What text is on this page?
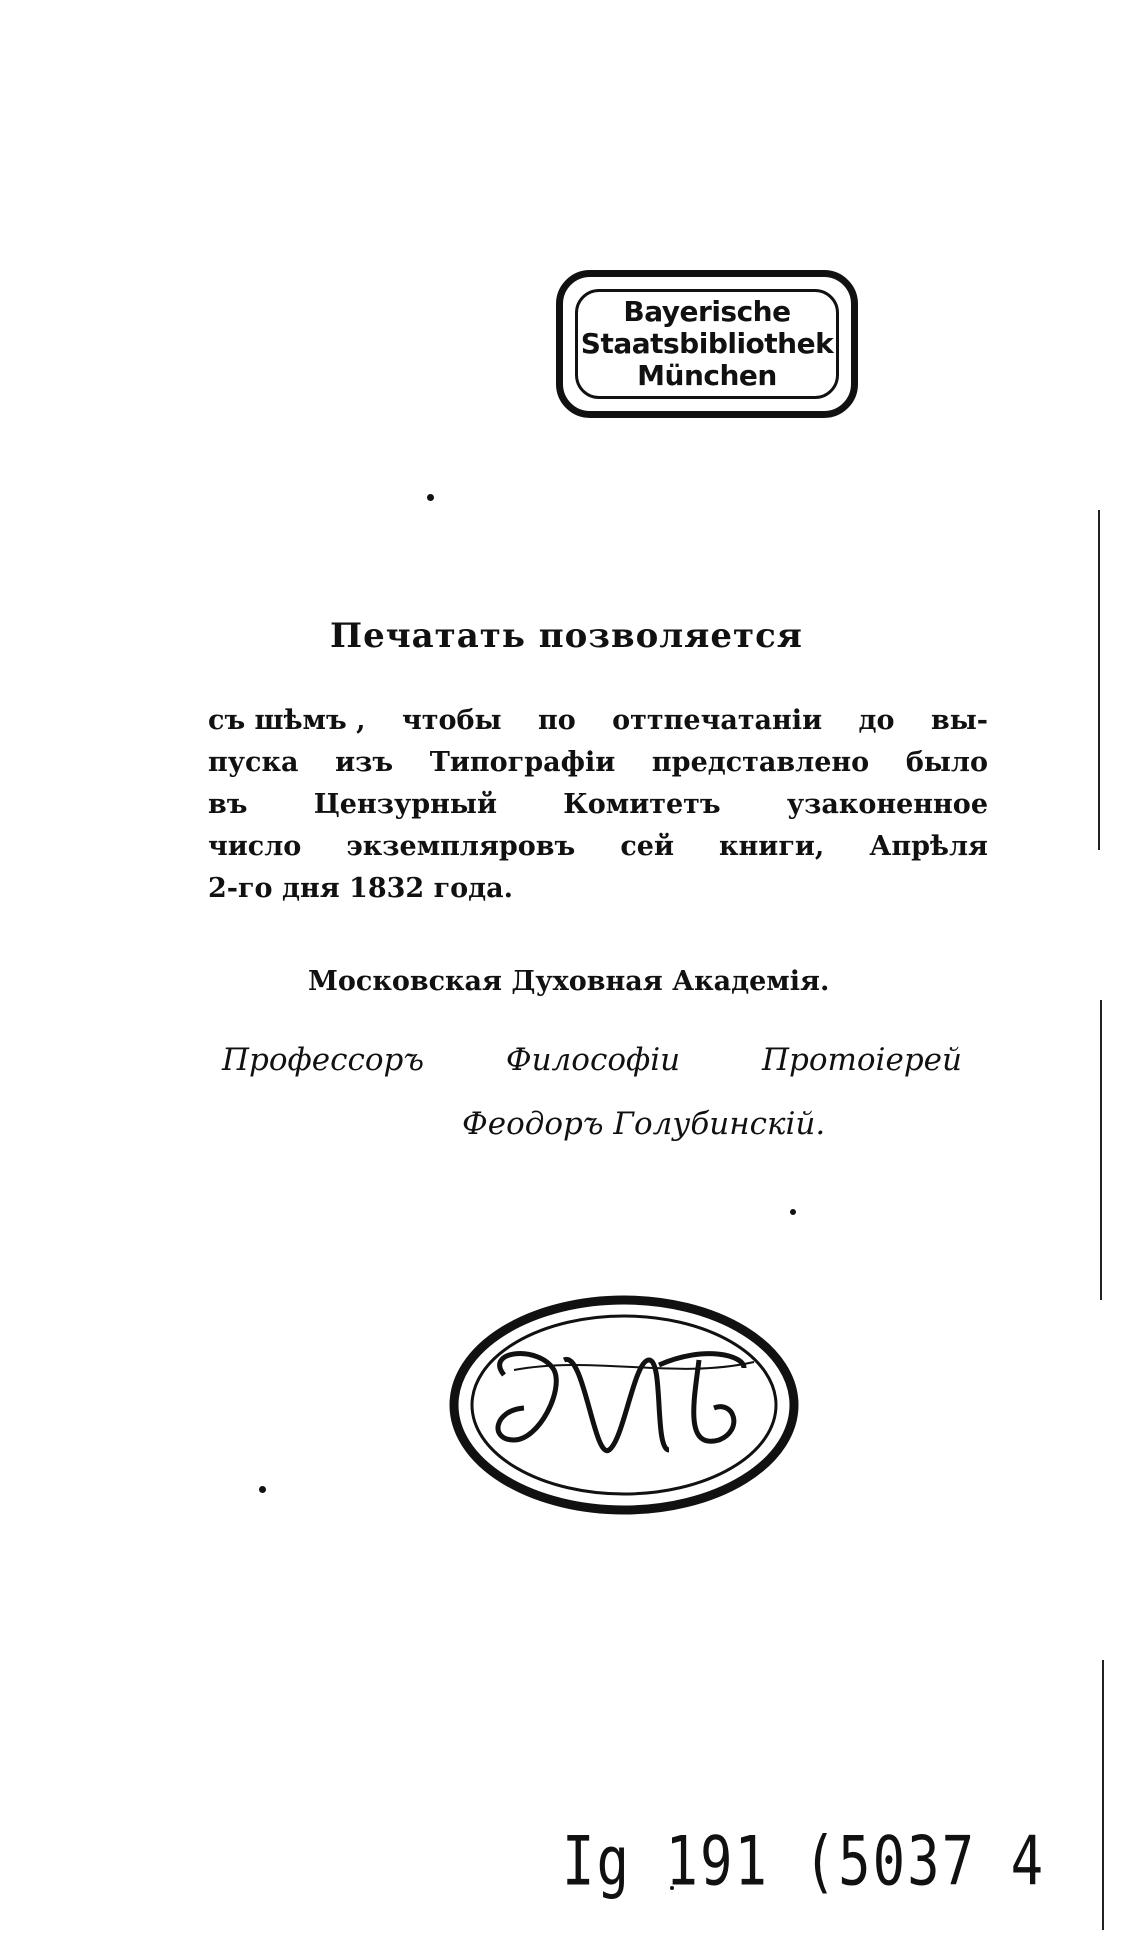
Bayerische
Staatsbibliothek
München
Печатать позволяется
съ шѣмъ , чтобы по оттпечатаніи до вы-
пуска изъ Типографіи представлено было
въ Цензурный Комитетъ узаконенное
число экземпляровъ сей книги, Апрѣля
2-го дня 1832 года.
Московская Духовная Академія.
Профессоръ	Философіи	Протоіерей
Феодоръ Голубинскій.
ИМТ
Ig 191 (5037 4
